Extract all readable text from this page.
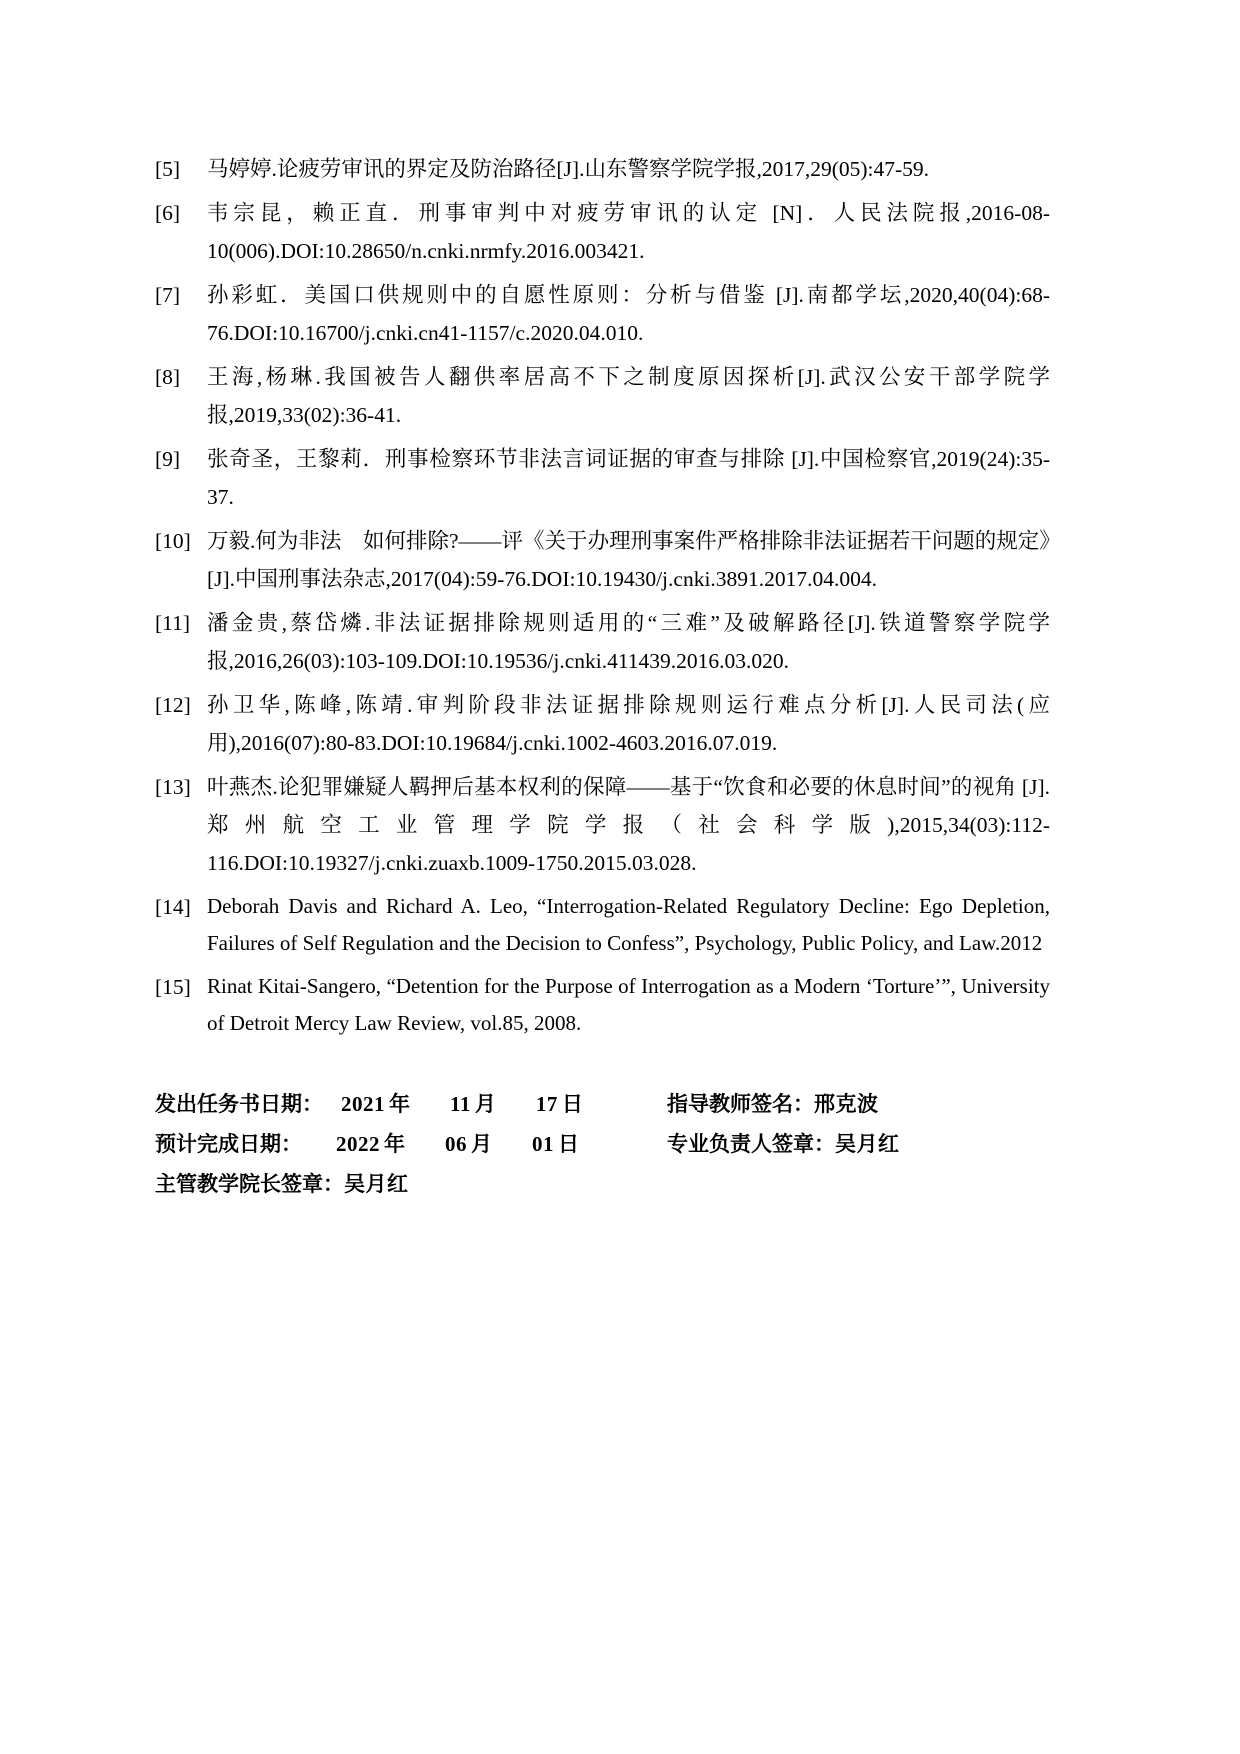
[5]	马婷婷.论疲劳审讯的界定及防治路径[J].山东警察学院学报,2017,29(05):47-59.
[6]	韦宗昆，赖正直．刑事审判中对疲劳审讯的认定 [N]．人民法院报,2016-08-10(006).DOI:10.28650/n.cnki.nrmfy.2016.003421.
[7]	孙彩虹．美国口供规则中的自愿性原则：分析与借鉴 [J].南都学坛,2020,40(04):68-76.DOI:10.16700/j.cnki.cn41-1157/c.2020.04.010.
[8]	王海,杨琳.我国被告人翻供率居高不下之制度原因探析[J].武汉公安干部学院学报,2019,33(02):36-41.
[9]	张奇圣，王黎莉．刑事检察环节非法言词证据的审查与排除 [J].中国检察官,2019(24):35-37.
[10] 万毅.何为非法　如何排除?——评《关于办理刑事案件严格排除非法证据若干问题的规定》[J].中国刑事法杂志,2017(04):59-76.DOI:10.19430/j.cnki.3891.2017.04.004.
[11] 潘金贵,蔡岱燐.非法证据排除规则适用的“三难”及破解路径[J].铁道警察学院学报,2016,26(03):103-109.DOI:10.19536/j.cnki.411439.2016.03.020.
[12] 孙卫华,陈峰,陈靖.审判阶段非法证据排除规则运行难点分析[J].人民司法(应用),2016(07):80-83.DOI:10.19684/j.cnki.1002-4603.2016.07.019.
[13] 叶燕杰.论犯罪嫌疑人羁押后基本权利的保障——基于“饮食和必要的休息时间”的视角 [J].郑州航空工业管理学院学报（社会科学版),2015,34(03):112-116.DOI:10.19327/j.cnki.zuaxb.1009-1750.2015.03.028.
[14] Deborah Davis and Richard A. Leo, “Interrogation-Related Regulatory Decline: Ego Depletion, Failures of Self Regulation and the Decision to Confess”, Psychology, Public Policy, and Law.2012
[15] Rinat Kitai-Sangero, “Detention for the Purpose of Interrogation as a Modern ‘Torture’”, University of Detroit Mercy Law Review, vol.85, 2008.
发出任务书日期： 2021 年 11 月 17 日	指导教师签名：邢克波
预计完成日期： 2022 年 06 月 01 日	专业负责人签章：吴月红
主管教学院长签章：吴月红
